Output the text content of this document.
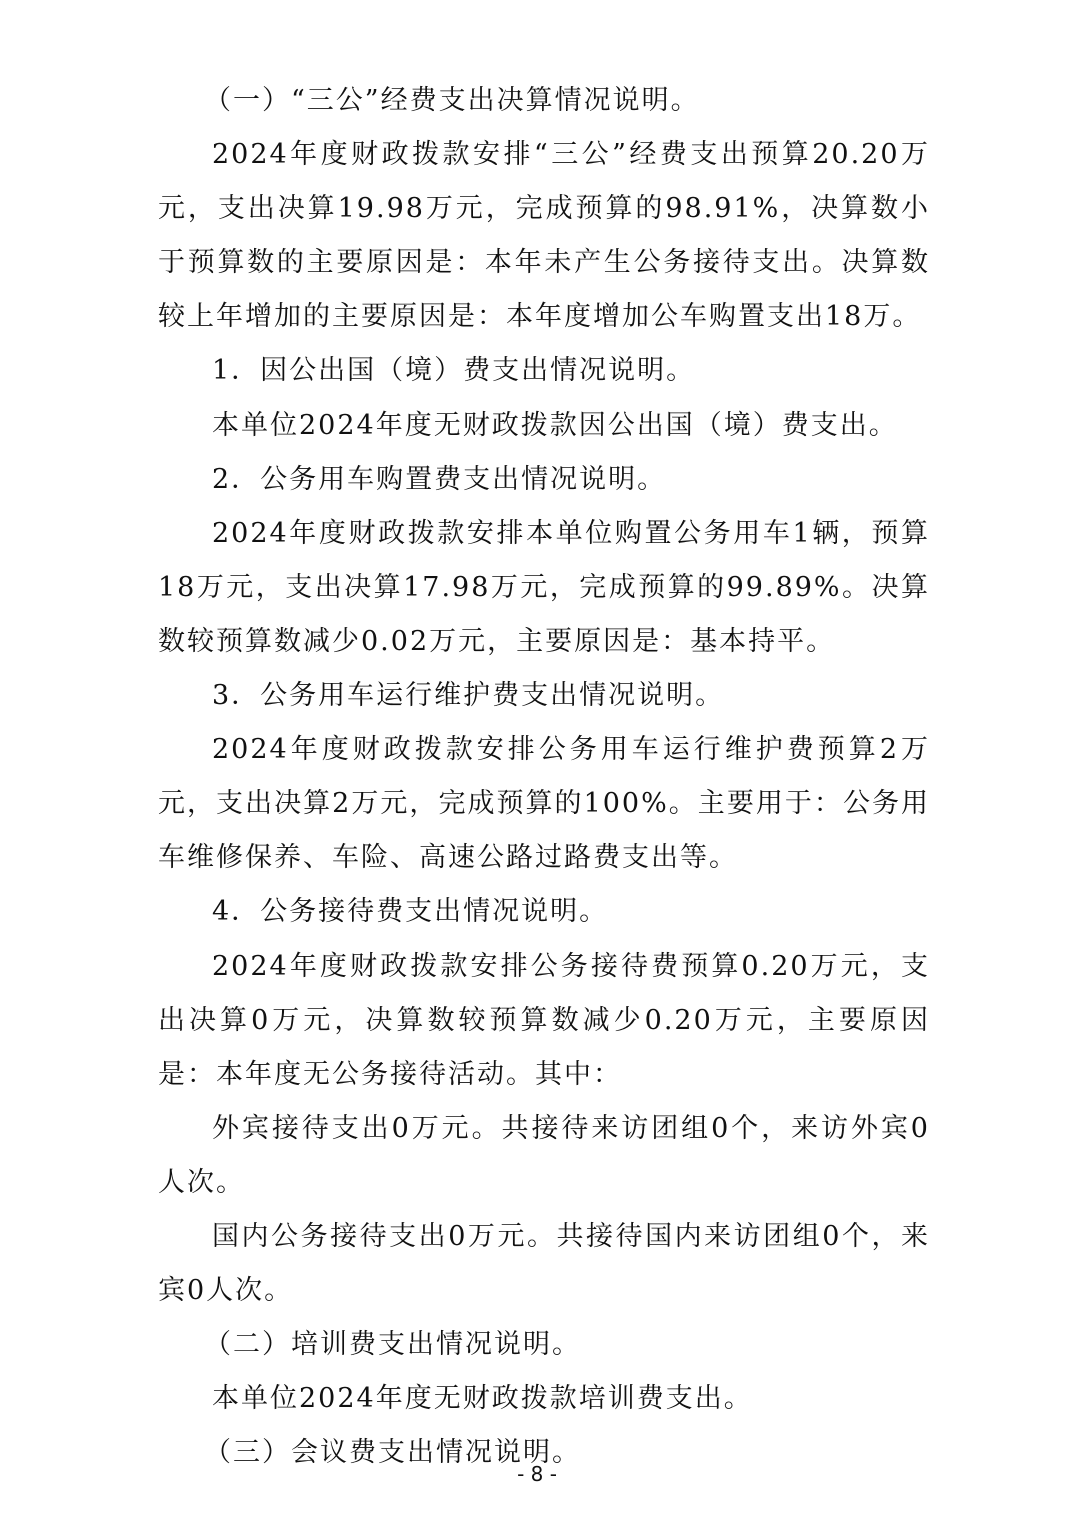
（一）“三公”经费支出决算情况说明。

2024年度财政拨款安排“三公”经费支出预算20.20万元，支出决算19.98万元，完成预算的98.91%，决算数小于预算数的主要原因是：本年未产生公务接待支出。决算数较上年增加的主要原因是：本年度增加公车购置支出18万。

1．因公出国（境）费支出情况说明。

本单位2024年度无财政拨款因公出国（境）费支出。

2．公务用车购置费支出情况说明。

2024年度财政拨款安排本单位购置公务用车1辆，预算18万元，支出决算17.98万元，完成预算的99.89%。决算数较预算数减少0.02万元，主要原因是：基本持平。

3．公务用车运行维护费支出情况说明。

2024年度财政拨款安排公务用车运行维护费预算2万元，支出决算2万元，完成预算的100%。主要用于：公务用车维修保养、车险、高速公路过路费支出等。

4．公务接待费支出情况说明。

2024年度财政拨款安排公务接待费预算0.20万元，支出决算0万元，决算数较预算数减少0.20万元，主要原因是：本年度无公务接待活动。其中：

外宾接待支出0万元。共接待来访团组0个，来访外宾0人次。

国内公务接待支出0万元。共接待国内来访团组0个，来宾0人次。

（二）培训费支出情况说明。

本单位2024年度无财政拨款培训费支出。

（三）会议费支出情况说明。

- 8 -
